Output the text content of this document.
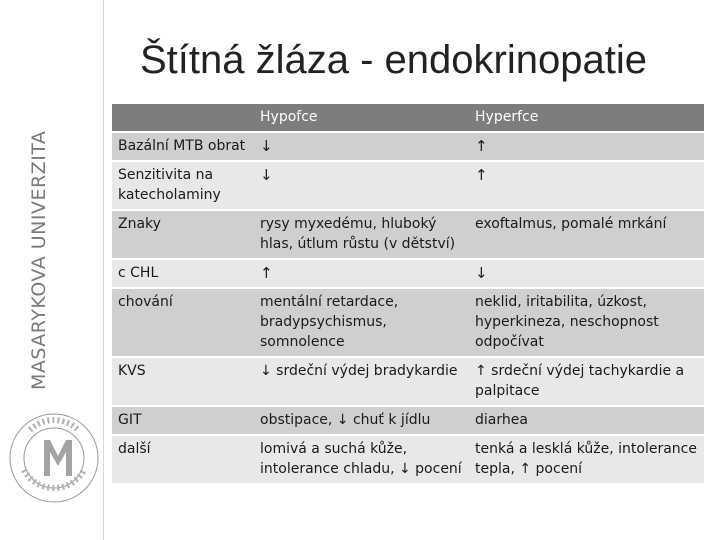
MASARYKOVA UNIVERZITA
Štítná žláza - endokrinopatie
	Hypofce	Hyperfce
Bazální MTB obrat	↓	↑
Senzitivita na katecholaminy	↓	↑
Znaky	rysy myxedému, hluboký hlas, útlum růstu (v dětství)	exoftalmus, pomalé mrkání
c CHL	↑	↓
chování	mentální retardace, bradypsychismus, somnolence	neklid, iritabilita, úzkost, hyperkineza, neschopnost odpočívat
KVS	↓ srdeční výdej bradykardie	↑ srdeční výdej tachykardie a palpitace
GIT	obstipace, ↓ chuť k jídlu	diarhea
další	lomivá a suchá kůže, intolerance chladu, ↓ pocení	tenká a lesklá kůže, intolerance tepla, ↑ pocení
